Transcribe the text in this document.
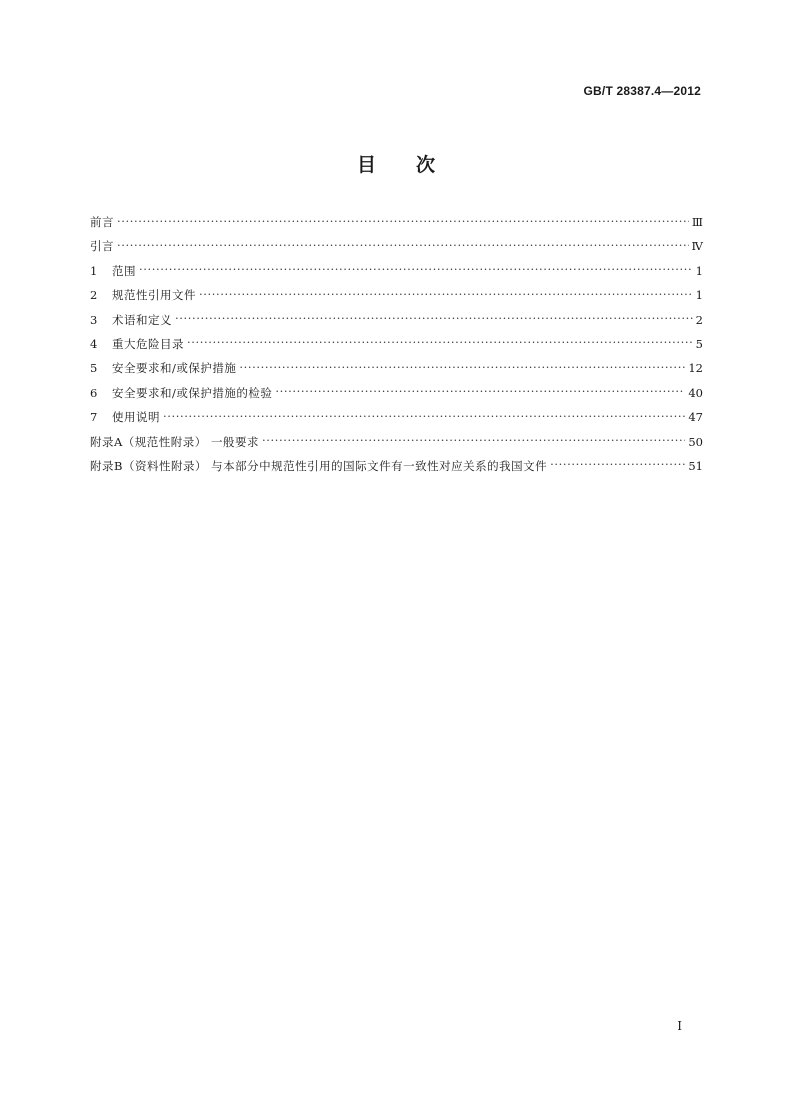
GB/T 28387.4—2012
目次
前言 ·····	Ⅲ
引言 ·····	Ⅳ
1	范围 ·····	1
2	规范性引用文件 ·····	1
3	术语和定义 ·····	2
4	重大危险目录 ·····	5
5	安全要求和/或保护措施 ·····	12
6	安全要求和/或保护措施的检验 ·····	40
7	使用说明 ·····	47
附录A（规范性附录） 一般要求 ·····	50
附录B（资料性附录） 与本部分中规范性引用的国际文件有一致性对应关系的我国文件 ·····	51
I
